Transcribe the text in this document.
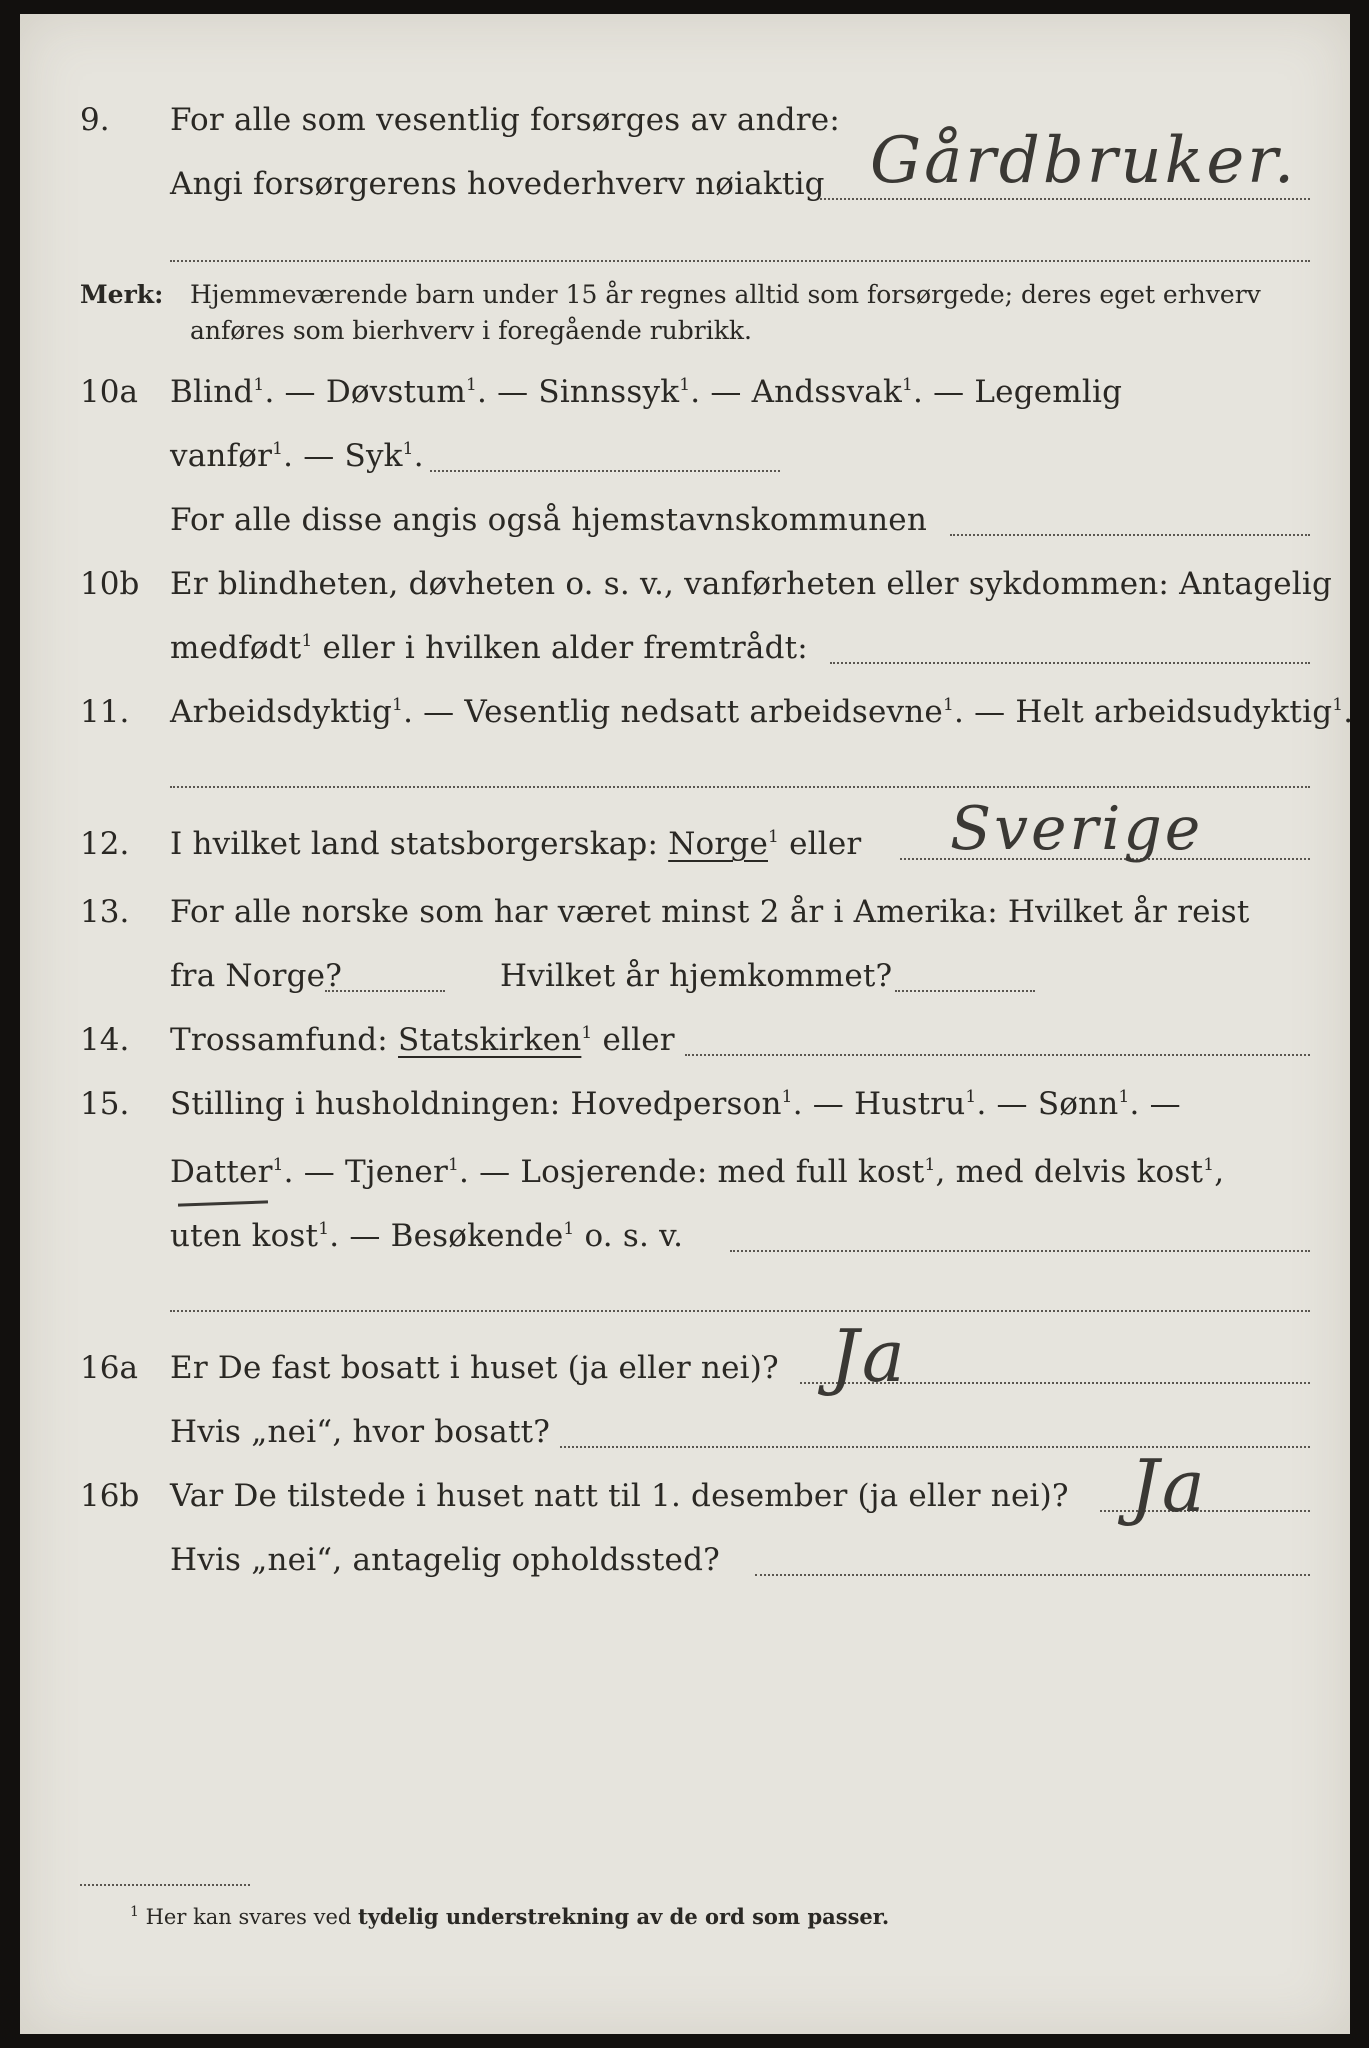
9. For alle som vesentlig forsørges av andre:
Angi forsørgerens hovederhverv nøiaktig Gårdbruker.
Merk: Hjemmeværende barn under 15 år regnes alltid som forsørgede; deres eget erhverv
anføres som bierhverv i foregående rubrikk.
10a Blind$^1$. — Døvstum$^1$. — Sinnssyk$^1$. — Andssvak$^1$. — Legemlig
vanfør$^1$. — Syk$^1$.
For alle disse angis også hjemstavnskommunen
10b Er blindheten, døvheten o. s. v., vanførheten eller sykdommen: Antagelig
medfødt$^1$ eller i hvilken alder fremtrådt:
11. Arbeidsdyktig$^1$. — Vesentlig nedsatt arbeidsevne$^1$. — Helt arbeidsudyktig$^1$.
12. I hvilket land statsborgerskap: Norge$^1$ eller Sverige
13. For alle norske som har været minst 2 år i Amerika: Hvilket år reist
fra Norge?	Hvilket år hjemkommet?
14. Trossamfund: Statskirken$^1$ eller
15. Stilling i husholdningen: Hovedperson$^1$. — Hustru$^1$. — Sønn$^1$. —
Datter$^1$. — Tjener$^1$. — Losjerende: med full kost$^1$, med delvis kost$^1$,
uten kost$^1$. — Besøkende$^1$ o. s. v.
16a Er De fast bosatt i huset (ja eller nei)? Ja
Hvis „nei“, hvor bosatt?
16b Var De tilstede i huset natt til 1. desember (ja eller nei)? Ja
Hvis „nei“, antagelig opholdssted?
$^1$ Her kan svares ved tydelig understrekning av de ord som passer.
